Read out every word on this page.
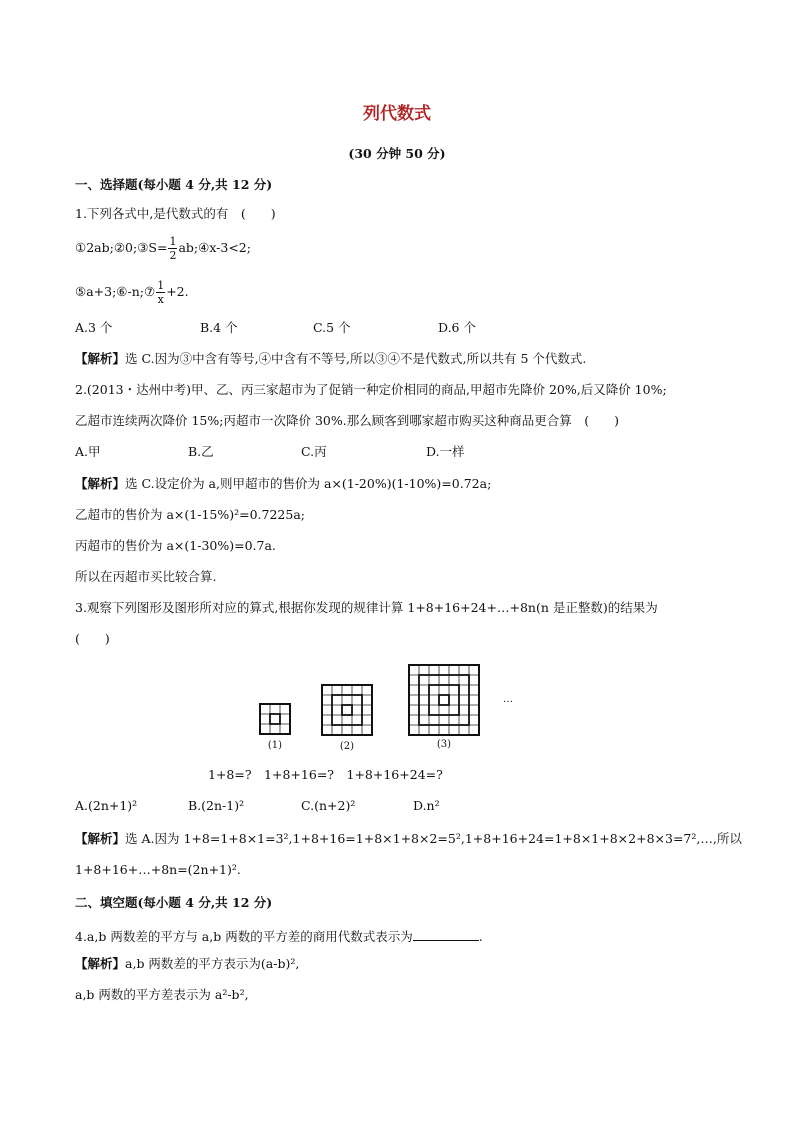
列代数式
(30 分钟 50 分)
一、选择题(每小题 4 分,共 12 分)
1.下列各式中,是代数式的有　(　　)
①2ab;②0;③S= $\frac{1}{2}$ ab;④x-3<2;
⑤a+3;⑥-n;⑦ $\frac{1}{x} +2$.
A.3 个	B.4 个	C.5 个	D.6 个
【解析】选 C.因为③中含有等号,④中含有不等号,所以③④不是代数式,所以共有 5 个代数式.
2.(2013・达州中考)甲、乙、丙三家超市为了促销一种定价相同的商品,甲超市先降价 20%,后又降价 10%;
乙超市连续两次降价 15%;丙超市一次降价 30%.那么顾客到哪家超市购买这种商品更合算　(　　)
A.甲	B.乙	C.丙	D.一样
【解析】选 C.设定价为 a,则甲超市的售价为 a×(1-20%)(1-10%)=0.72a;
乙超市的售价为 a×(1-15%)²=0.7225a;
丙超市的售价为 a×(1-30%)=0.7a.
所以在丙超市买比较合算.
3.观察下列图形及图形所对应的算式,根据你发现的规律计算 1+8+16+24+…+8n(n 是正整数)的结果为
(　　)
(1)	(2)	(3)
…
1+8=?　1+8+16=?　1+8+16+24=?
A.(2n+1)²	B.(2n-1)²	C.(n+2)²	D.n²
【解析】选 A.因为 1+8=1+8×1=3²,1+8+16=1+8×1+8×2=5²,1+8+16+24=1+8×1+8×2+8×3=7²,…,所以
1+8+16+…+8n=(2n+1)².
二、填空题(每小题 4 分,共 12 分)
4.a,b 两数差的平方与 a,b 两数的平方差的商用代数式表示为	.
【解析】a,b 两数差的平方表示为(a-b)²,
a,b 两数的平方差表示为 a²-b²,
